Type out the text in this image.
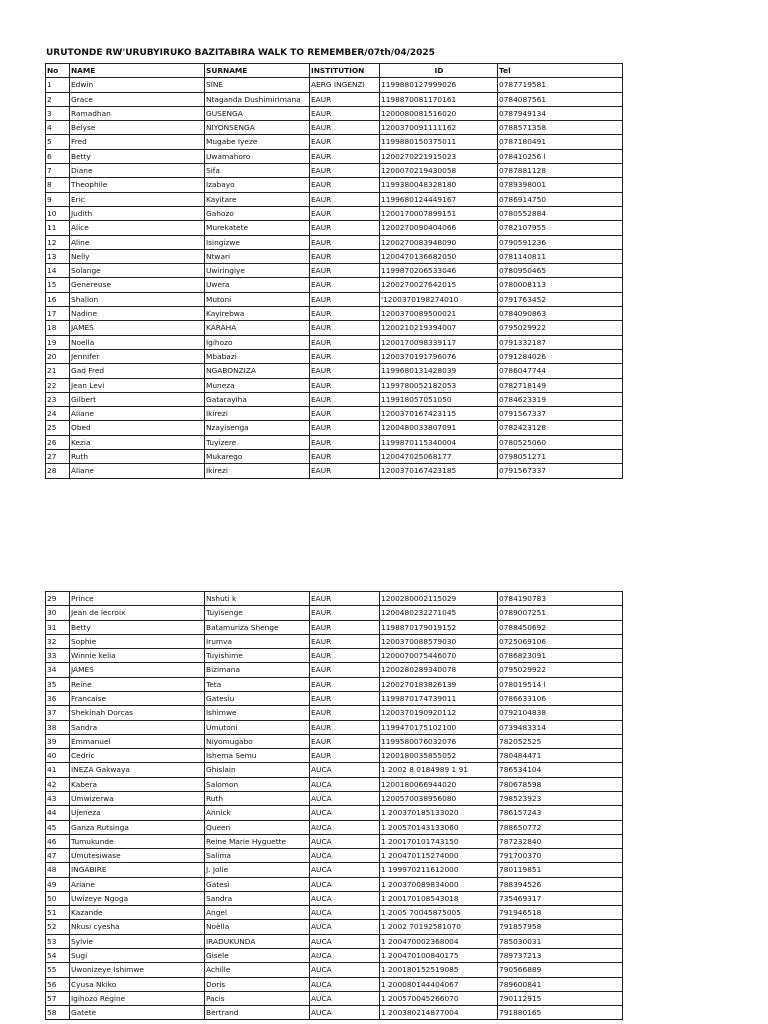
URUTONDE RW'URUBYIRUKO BAZITABIRA WALK TO REMEMBER/07th/04/2025
No	NAME	SURNAME	INSTITUTION	ID	Tel
1	Edwin	SINE	AERG INGENZI	1199880127999026	0787719581
2	Grace	Ntaganda Dushimirimana	EAUR	1198870081170161	0784087561
3	Ramadhan	GUSENGA	EAUR	1200080081516020	0787949134
4	Belyse	NIYONSENGA	EAUR	1200370091111162	0788571358
5	Fred	Mugabe Iyeze	EAUR	1199880150375011	0787180491
6	Betty	Uwamahoro	EAUR	1200270221915023	078410256 l
7	Diane	Sifa	EAUR	1200070219430058	0787881128
8	Theophile	Izabayo	EAUR	1199380048328180	0789398001
9	Eric	Kayitare	EAUR	1199680124449167	0786914750
10	Judith	Gahozo	EAUR	1200170007899151	0780552884
11	Alice	Murekatete	EAUR	1200270090404066	0782107955
12	Aline	Isingizwe	EAUR	1200270083948090	0790591236
13	Nelly	Ntwari	EAUR	1200470136682050	0781140811
14	Solange	Uwiringiye	EAUR	1199870206533046	0780950465
15	Genereuse	Uwera	EAUR	1200270027642015	0780008113
16	Shallon	Mutoni	EAUR	'1200370198274010	0791763452
17	Nadine	Kayirebwa	EAUR	1200370089500021	0784090863
18	JAMES	KARAHA	EAUR	1200210219394007	0795029922
19	Noella	Igihozo	EAUR	1200170098339117	0791332187
20	Jennifer	Mbabazi	EAUR	1200370191796076	0791284026
21	Gad Fred	NGABONZIZA	EAUR	1199680131428039	0786047744
22	Jean Levi	Muneza	EAUR	1199780052182053	0782718149
23	Gilbert	Gatarayiha	EAUR	119918057051050	0784623319
24	Aliane	Ikirezi	EAUR	1200370167423115	0791567337
25	Obed	Nzayisenga	EAUR	1200480033807091	0782423128
26	Kezia	Tuyizere	EAUR	1199870115340004	0780525060
27	Ruth	Mukarego	EAUR	120047025068177	0798051271
28	Aliane	Ikirezi	EAUR	1200370167423185	0791567337
29	Prince	Nshuti k	EAUR	1200280002115029	0784190783
30	Jean de lecroix	Tuyisenge	EAUR	1200480232271045	0789007251
31	Betty	Batamuriza Shenge	EAUR	1198870179019152	0788450692
32	Sophie	Irumva	EAUR	1200370088579030	0725069106
33	Winnie kelia	Tuyishime	EAUR	1200070075446070	0786823091
34	JAMES	Bizimana	EAUR	1200280289340078	0795029922
35	Reine	Teta	EAUR	1200270183826139	078019514 l
36	Francaise	Gatesiu	EAUR	1199870174739011	0786633106
37	Shekinah Dorcas	Ishimwe	EAUR	1200370190920112	0792104838
38	Sandra	Umutoni	EAUR	1199470175102100	0739483314
39	Emmanuel	Niyomugabo	EAUR	1199580076032076	782052525
40	Cedric	Ishema Semu	EAUR	1200180035855052	780484471
41	INEZA Gakwaya	Ghislain	AUCA	1 2002 8 0184989 1 91	786534104
42	Kabera	Salomon	AUCA	1200180066944020	780678598
43	Umwizerwa	Ruth	AUCA	1200570038956080	798523923
44	Ujeneza	Annick	AUCA	1 200370185133020	786157243
45	Ganza Rutsinga	Queen	AUCA	1 200570143133060	788650772
46	Tumukunde	Reine Marie Hyguette	AUCA	1 200170101743150	787232840
47	Umutesiwase	Salima	AUCA	1 200470115274000	791700370
48	INGABIRE	J. Jolie	AUCA	1 199970211612000	780119851
49	Ariane	Gatesi	AUCA	1 200370089834000	788394526
50	Uwizeye Ngoga	Sandra	AUCA	1 200170108543018	735469317
51	Kazande	Angel	AUCA	1 2005 70045875005	791946518
52	Nkusi cyesha	Noëlla	AUCA	1 2002 70192581070	791857958
53	Sylvie	IRADUKUNDA	AUCA	1 200470002368004	785030031
54	Sugi	Gisele	AUCA	1 200470100840175	789737213
55	Uwonizeye Ishimwe	Achille	AUCA	1 200180152519085	790566889
56	Cyusa Nkiko	Doris	AUCA	1 200080144404067	789600841
57	Igihozo Regine	Pacis	AUCA	1 200570045266070	790112915
58	Gatete	Bertrand	AUCA	1 200380214877004	791880165
